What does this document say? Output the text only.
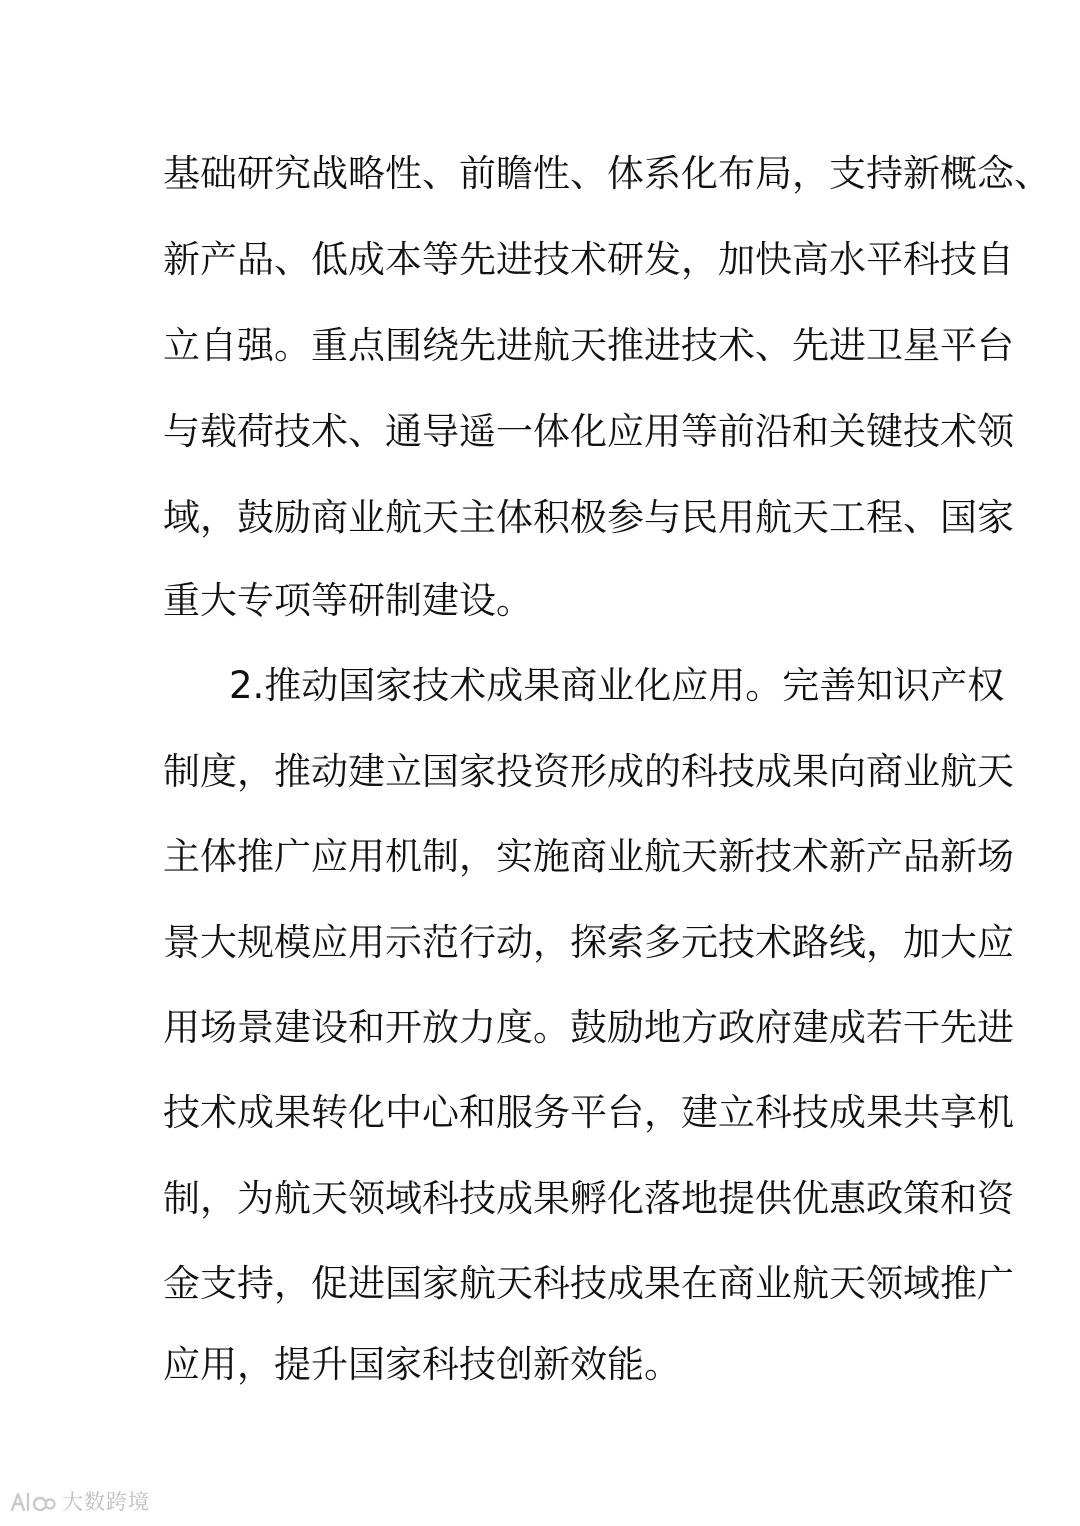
基础研究战略性、前瞻性、体系化布局，支持新概念、
新产品、低成本等先进技术研发，加快高水平科技自
立自强。重点围绕先进航天推进技术、先进卫星平台
与载荷技术、通导遥一体化应用等前沿和关键技术领
域，鼓励商业航天主体积极参与民用航天工程、国家
重大专项等研制建设。
2.推动国家技术成果商业化应用。完善知识产权
制度，推动建立国家投资形成的科技成果向商业航天
主体推广应用机制，实施商业航天新技术新产品新场
景大规模应用示范行动，探索多元技术路线，加大应
用场景建设和开放力度。鼓励地方政府建成若干先进
技术成果转化中心和服务平台，建立科技成果共享机
制，为航天领域科技成果孵化落地提供优惠政策和资
金支持，促进国家航天科技成果在商业航天领域推广
应用，提升国家科技创新效能。
大数跨境
